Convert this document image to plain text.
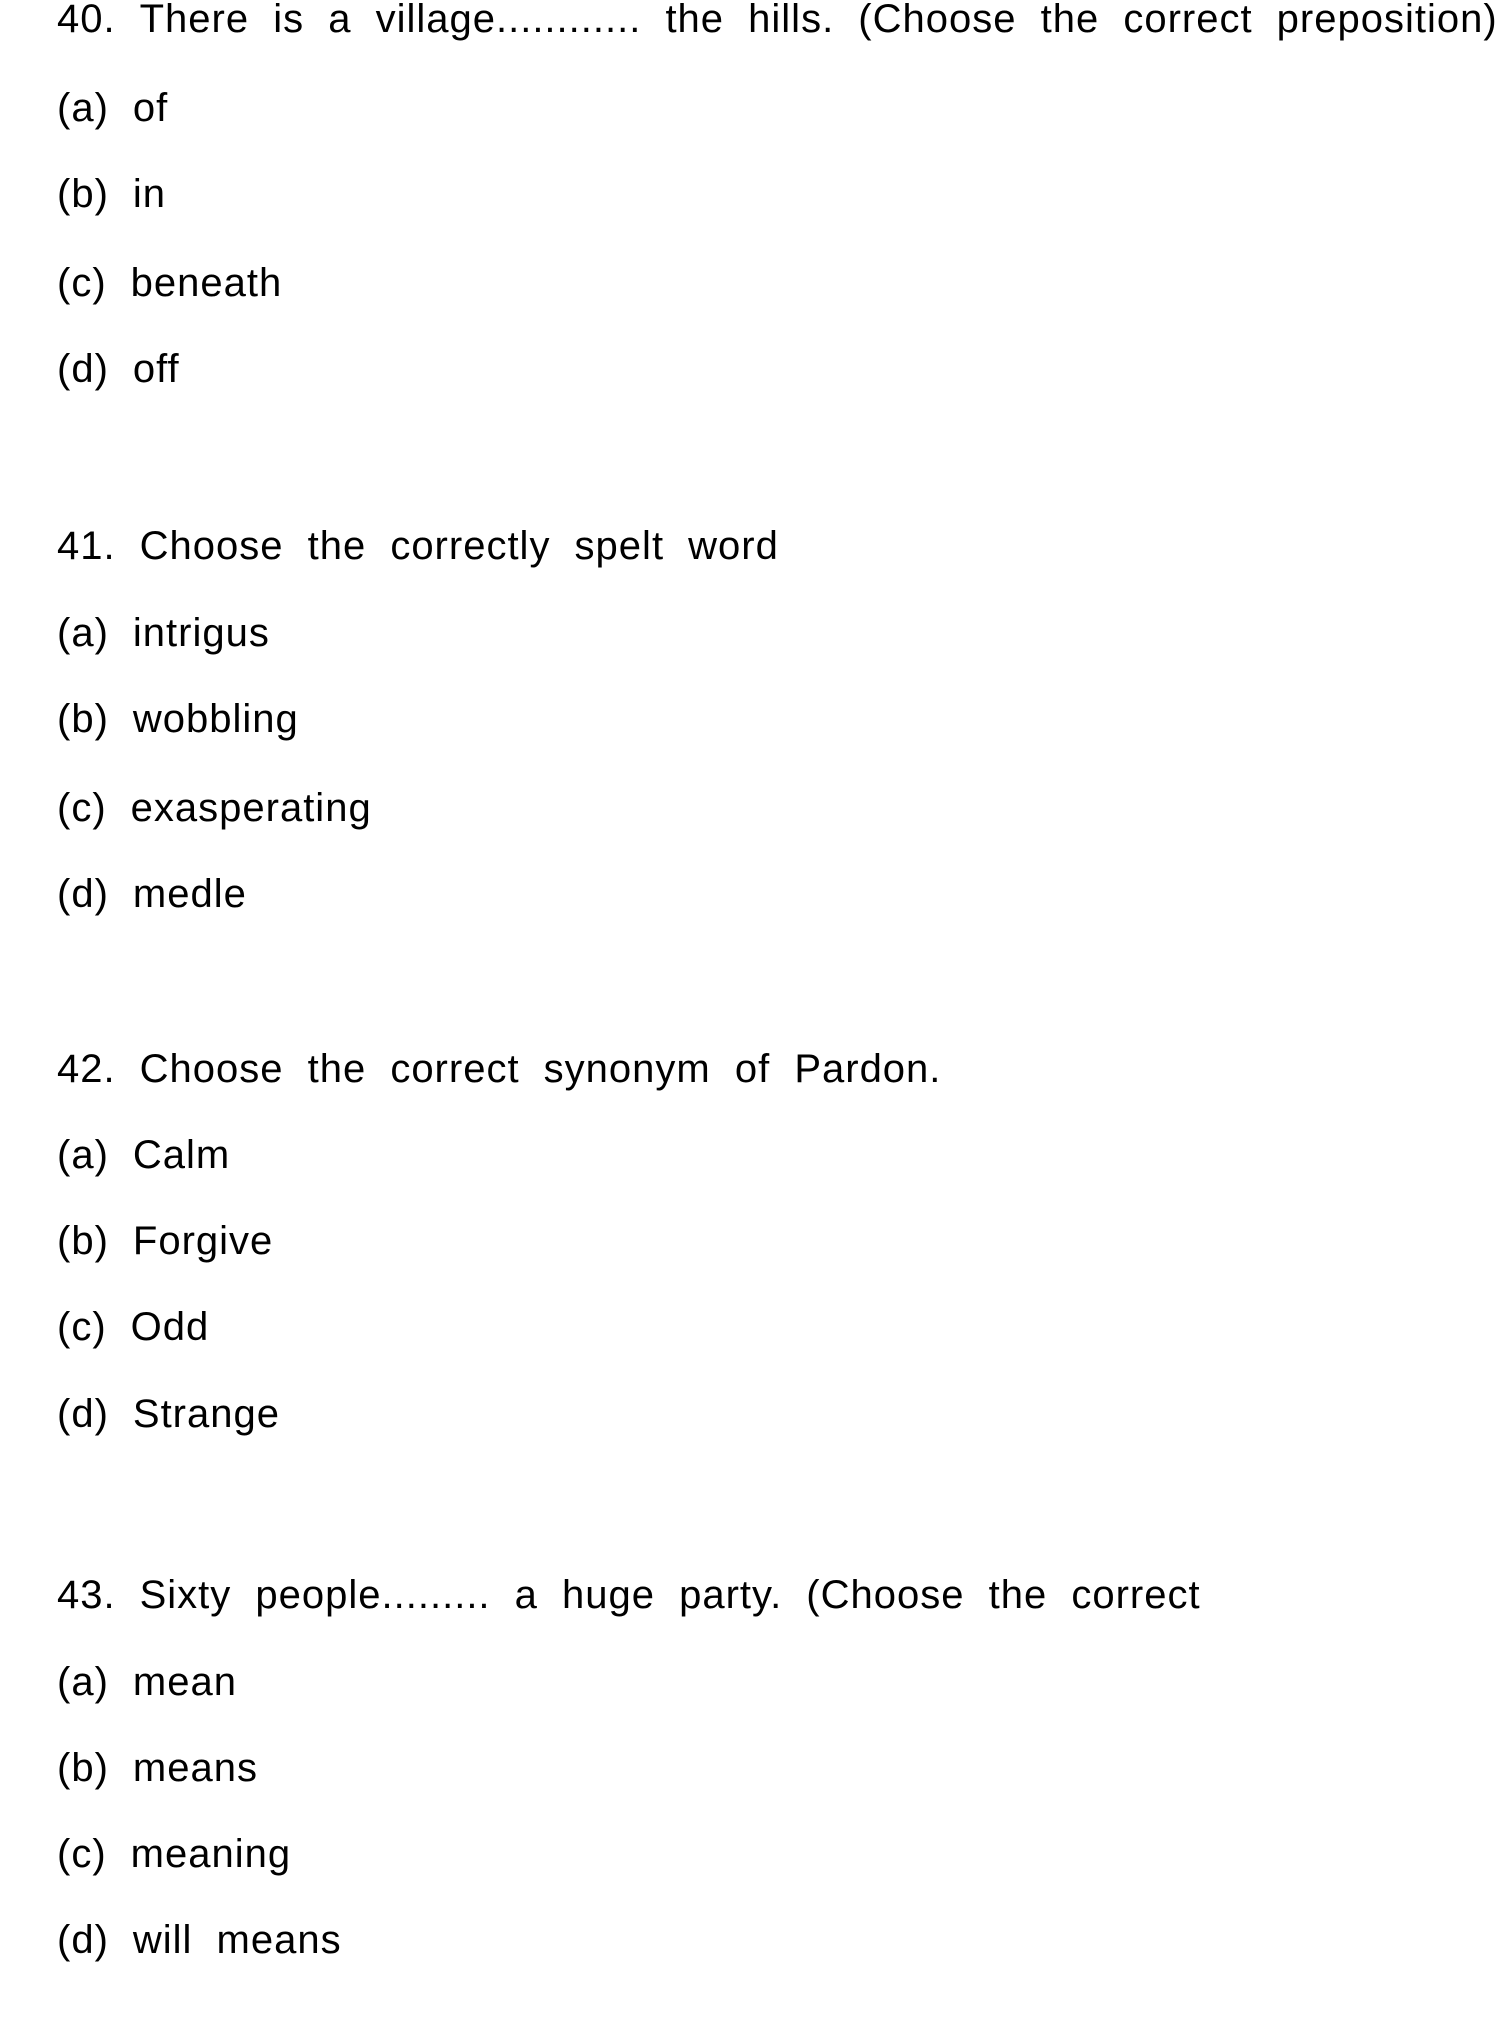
40. There is a village............ the hills. (Choose the correct preposition)

(a) of

(b) in

(c) beneath

(d) off

41. Choose the correctly spelt word

(a) intrigus

(b) wobbling

(c) exasperating

(d) medle

42. Choose the correct synonym of Pardon.

(a) Calm

(b) Forgive

(c) Odd

(d) Strange

43. Sixty people......... a huge party. (Choose the correct

(a) mean

(b) means

(c) meaning

(d) will means
